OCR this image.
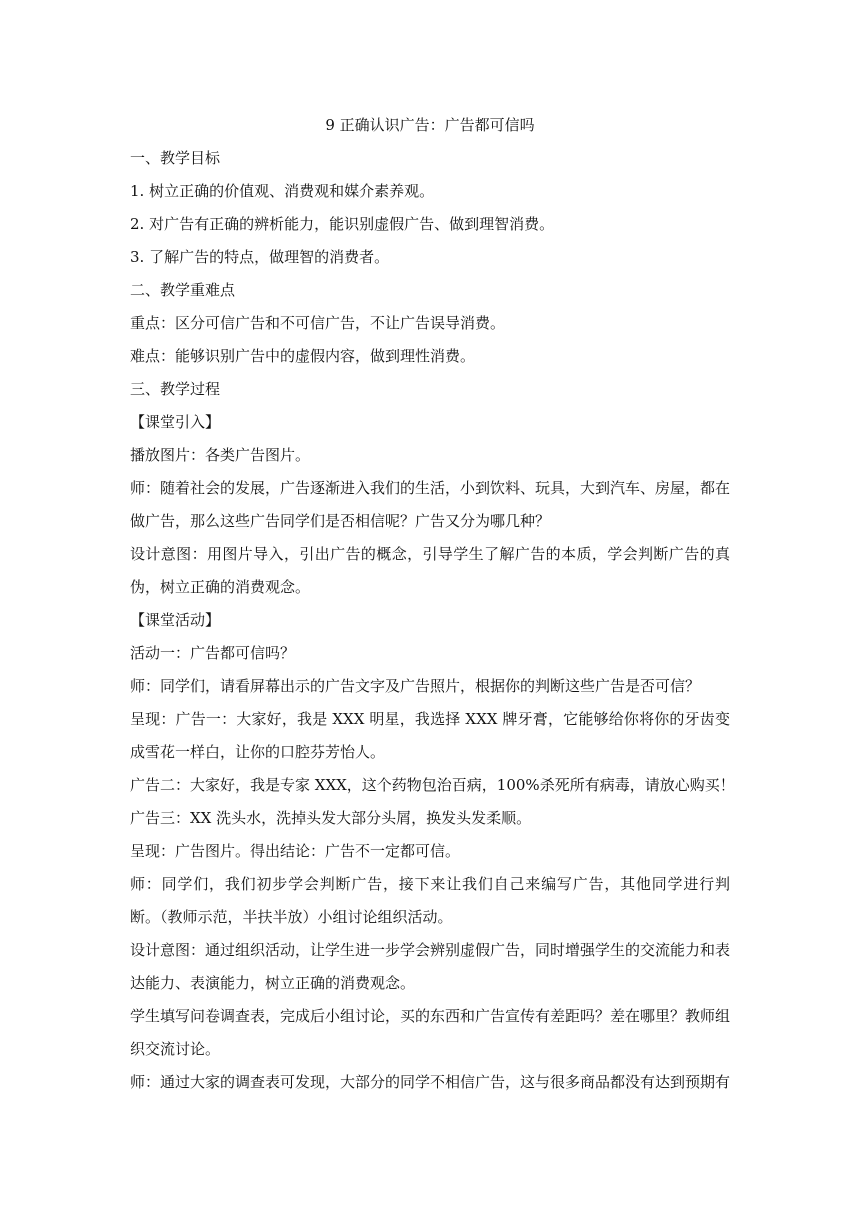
9 正确认识广告：广告都可信吗
一、教学目标
1. 树立正确的价值观、消费观和媒介素养观。
2. 对广告有正确的辨析能力，能识别虚假广告、做到理智消费。
3. 了解广告的特点，做理智的消费者。
二、教学重难点
重点：区分可信广告和不可信广告，不让广告误导消费。
难点：能够识别广告中的虚假内容，做到理性消费。
三、教学过程
【课堂引入】
播放图片：各类广告图片。
师：随着社会的发展，广告逐渐进入我们的生活，小到饮料、玩具，大到汽车、房屋，都在做广告，那么这些广告同学们是否相信呢？广告又分为哪几种？
设计意图：用图片导入，引出广告的概念，引导学生了解广告的本质，学会判断广告的真伪，树立正确的消费观念。
【课堂活动】
活动一：广告都可信吗？
师：同学们，请看屏幕出示的广告文字及广告照片，根据你的判断这些广告是否可信？
呈现：广告一：大家好，我是 XXX 明星，我选择 XXX 牌牙膏，它能够给你将你的牙齿变成雪花一样白，让你的口腔芬芳怡人。
广告二：大家好，我是专家 XXX，这个药物包治百病，100%杀死所有病毒，请放心购买！
广告三：XX 洗头水，洗掉头发大部分头屑，换发头发柔顺。
呈现：广告图片。得出结论：广告不一定都可信。
师：同学们，我们初步学会判断广告，接下来让我们自己来编写广告，其他同学进行判断。（教师示范，半扶半放）小组讨论组织活动。
设计意图：通过组织活动，让学生进一步学会辨别虚假广告，同时增强学生的交流能力和表达能力、表演能力，树立正确的消费观念。
学生填写问卷调查表，完成后小组讨论，买的东西和广告宣传有差距吗？差在哪里？教师组织交流讨论。
师：通过大家的调查表可发现，大部分的同学不相信广告，这与很多商品都没有达到预期有
